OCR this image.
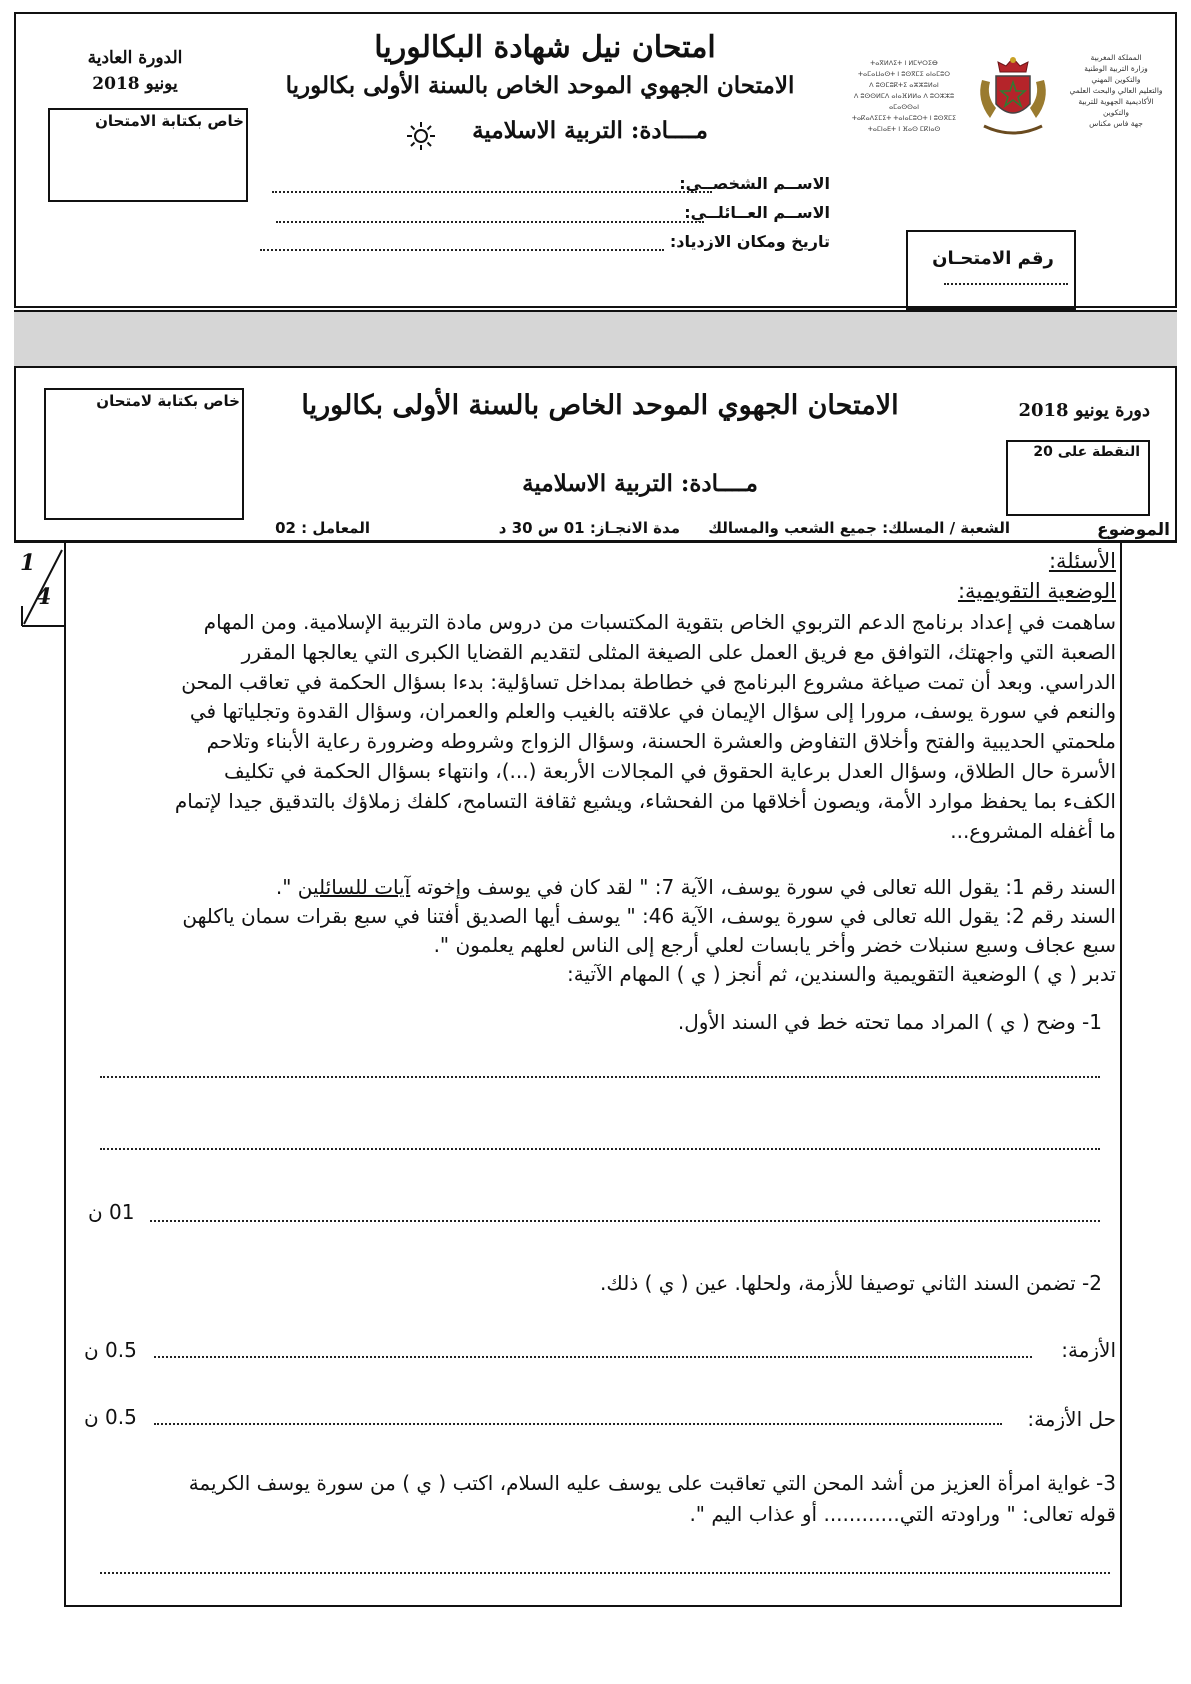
الدورة العادية
يونيو 2018
خاص بكتابة الامتحان
امتحان نيل شهادة البكالوريا
الامتحان الجهوي الموحد الخاص بالسنة الأولى بكالوريا
مــــادة: التربية الاسلامية
المملكة المغربية
وزارة التربية الوطنية
والتكوين المهني
والتعليم العالي والبحث العلمي
الأكاديمية الجهوية للتربية والتكوين
جهة فاس مكناس
ⵜⴰⴳⵍⴷⵉⵜ ⵏ ⵍⵎⵖⵔⵉⴱ
ⵜⴰⵎⴰⵡⴰⵙⵜ ⵏ ⵓⵙⴳⵎⵉ ⴰⵏⴰⵎⵓⵔ
ⴷ ⵓⵙⵎⵓⴽⵜⵉ ⴰⵣⵣⵓⵍⴰⵏ
ⴷ ⵓⵙⵙⵍⵎⴷ ⴰⵏⴰⴼⵍⵍⴰ ⴷ ⵓⵔⵣⵣⵓ ⴰⵎⴰⵙⵙⴰⵏ
ⵜⴰⴽⴰⴷⵉⵎⵉⵜ ⵜⴰⵏⴰⵎⵓⵔⵜ ⵏ ⵓⵙⴳⵎⵉ
ⵜⴰⵎⵏⴰⴹⵜ ⵏ ⴼⴰⵙ ⵎⴽⵏⴰⵙ
الاســم الشخصــي:
الاســم العــائلــي:
تاريخ ومكان الازدياد:
رقم الامتحـان
خاص بكتابة لامتحان	الامتحان الجهوي الموحد الخاص بالسنة الأولى بكالوريا
مــــادة: التربية الاسلامية
دورة يونيو 2018
النقطة على 20
الموضوع
الشعبة / المسلك: جميع الشعب والمسالك
مدة الانجـاز: 01 س 30 د
المعامل : 02
1
4
الأسئلة:
الوضعية التقويمية:
ساهمت في إعداد برنامج الدعم التربوي الخاص بتقوية المكتسبات من دروس مادة التربية الإسلامية. ومن المهام
الصعبة التي واجهتك، التوافق مع فريق العمل على الصيغة المثلى لتقديم القضايا الكبرى التي يعالجها المقرر
الدراسي. وبعد أن تمت صياغة مشروع البرنامج في خطاطة بمداخل تساؤلية: بدءا بسؤال الحكمة في تعاقب المحن
والنعم في سورة يوسف، مرورا إلى سؤال الإيمان في علاقته بالغيب والعلم والعمران، وسؤال القدوة وتجلياتها في
ملحمتي الحديبية والفتح وأخلاق التفاوض والعشرة الحسنة، وسؤال الزواج وشروطه وضرورة رعاية الأبناء وتلاحم
الأسرة حال الطلاق، وسؤال العدل برعاية الحقوق في المجالات الأربعة (...)، وانتهاء بسؤال الحكمة في تكليف
الكفء بما يحفظ موارد الأمة، ويصون أخلاقها من الفحشاء، ويشيع ثقافة التسامح، كلفك زملاؤك بالتدقيق جيدا لإتمام
ما أغفله المشروع...
السند رقم 1: يقول الله تعالى في سورة يوسف، الآية 7: " لقد كان في يوسف وإخوته آيات للسائلين ".
السند رقم 2: يقول الله تعالى في سورة يوسف، الآية 46: " يوسف أيها الصديق أفتنا في سبع بقرات سمان ياكلهن
سبع عجاف وسبع سنبلات خضر وأخر يابسات لعلي أرجع إلى الناس لعلهم يعلمون ".
تدبر ( ي ) الوضعية التقويمية والسندين، ثم أنجز ( ي ) المهام الآتية:
1- وضح ( ي ) المراد مما تحته خط في السند الأول.
01 ن
2- تضمن السند الثاني توصيفا للأزمة، ولحلها. عين ( ي ) ذلك.
الأزمة:
0.5 ن
حل الأزمة:
0.5 ن
3- غواية امرأة العزيز من أشد المحن التي تعاقبت على يوسف عليه السلام، اكتب ( ي ) من سورة يوسف الكريمة
قوله تعالى: " وراودته التي............ أو عذاب اليم ".
